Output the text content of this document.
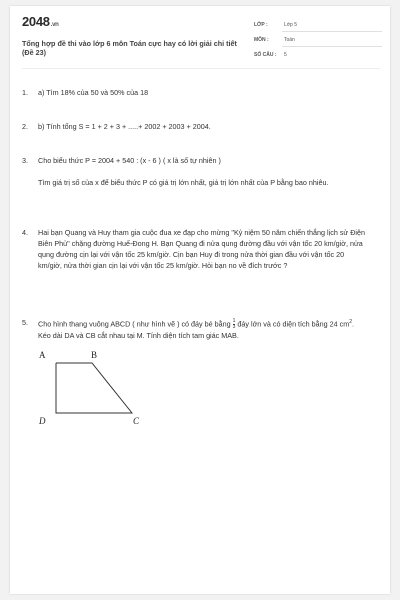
2048.vn
Tổng hợp đề thi vào lớp 6 môn Toán cực hay có lời giải chi tiết (Đề 23)
LỚP :	Lớp 5
MÔN :	Toán
SỐ CÂU : 5
1. a) Tìm 18% của 50 và 50% của 18

2. b) Tính tổng S = 1 + 2 + 3 + .....+ 2002 + 2003 + 2004.

3. Cho biểu thức P = 2004 + 540 : (x - 6 ) ( x là số tự nhiên )

Tìm giá trị số của x để biểu thức P có giá trị lớn nhất, giá trị lớn nhất của P bằng bao nhiêu.

4. Hai bạn Quang và Huy tham gia cuộc đua xe đạp cho mừng "Kỷ niệm 50 năm chiến thắng lịch sử Điện Biên Phủ" chặng đường Huế-Đong H. Bạn Quang đi nửa qung đường đầu với vận tốc 20 km/giờ, nửa qung đường cịn lại với vận tốc 25 km/giờ. Cịn bạn Huy đi trong nửa thời gian đầu với vận tốc 20 km/giờ, nửa thời gian cịn lại với vận tốc 25 km/giờ. Hỏi bạn no về đích trước ?

5. Cho hình thang vuông ABCD ( như hình vẽ ) có đáy bé bằng $\frac{1}{3}$ đáy lớn và có diện tích bằng 24 $cm^2$. Kéo dài DA và CB cắt nhau tại M. Tính diện tích tam giác MAB.

A	B
D	C
